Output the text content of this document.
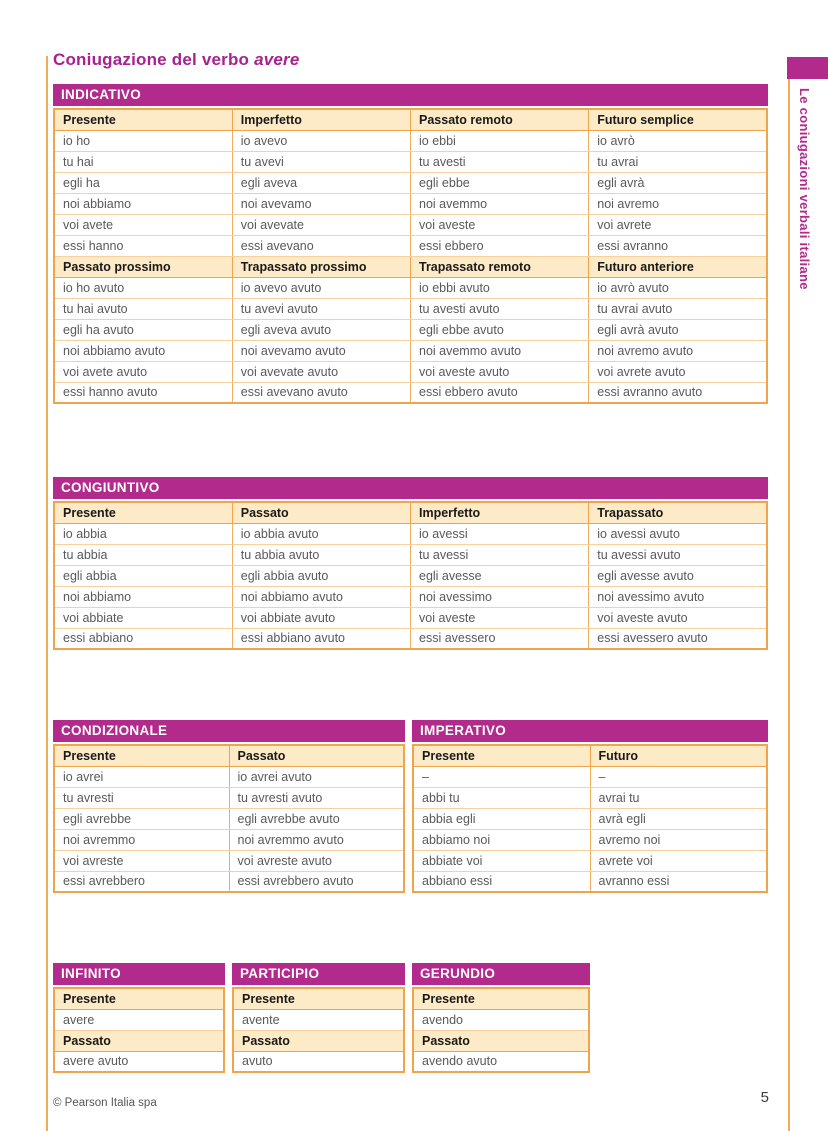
Le coniugazioni verbali italiane
Coniugazione del verbo avere
INDICATIVO
Presente	Imperfetto	Passato remoto	Futuro semplice
io ho	io avevo	io ebbi	io avrò
tu hai	tu avevi	tu avesti	tu avrai
egli ha	egli aveva	egli ebbe	egli avrà
noi abbiamo	noi avevamo	noi avemmo	noi avremo
voi avete	voi avevate	voi aveste	voi avrete
essi hanno	essi avevano	essi ebbero	essi avranno
Passato prossimo	Trapassato prossimo	Trapassato remoto	Futuro anteriore
io ho avuto	io avevo avuto	io ebbi avuto	io avrò avuto
tu hai avuto	tu avevi avuto	tu avesti avuto	tu avrai avuto
egli ha avuto	egli aveva avuto	egli ebbe avuto	egli avrà avuto
noi abbiamo avuto	noi avevamo avuto	noi avemmo avuto	noi avremo avuto
voi avete avuto	voi avevate avuto	voi aveste avuto	voi avrete avuto
essi hanno avuto	essi avevano avuto	essi ebbero avuto	essi avranno avuto
CONGIUNTIVO
Presente	Passato	Imperfetto	Trapassato
io abbia	io abbia avuto	io avessi	io avessi avuto
tu abbia	tu abbia avuto	tu avessi	tu avessi avuto
egli abbia	egli abbia avuto	egli avesse	egli avesse avuto
noi abbiamo	noi abbiamo avuto	noi avessimo	noi avessimo avuto
voi abbiate	voi abbiate avuto	voi aveste	voi aveste avuto
essi abbiano	essi abbiano avuto	essi avessero	essi avessero avuto
CONDIZIONALE
Presente	Passato
io avrei	io avrei avuto
tu avresti	tu avresti avuto
egli avrebbe	egli avrebbe avuto
noi avremmo	noi avremmo avuto
voi avreste	voi avreste avuto
essi avrebbero	essi avrebbero avuto
IMPERATIVO
Presente	Futuro
–	–
abbi tu	avrai tu
abbia egli	avrà egli
abbiamo noi	avremo noi
abbiate voi	avrete voi
abbiano essi	avranno essi
INFINITO
Presente
avere
Passato
avere avuto
PARTICIPIO
Presente
avente
Passato
avuto
GERUNDIO
Presente
avendo
Passato
avendo avuto
© Pearson Italia spa	5
